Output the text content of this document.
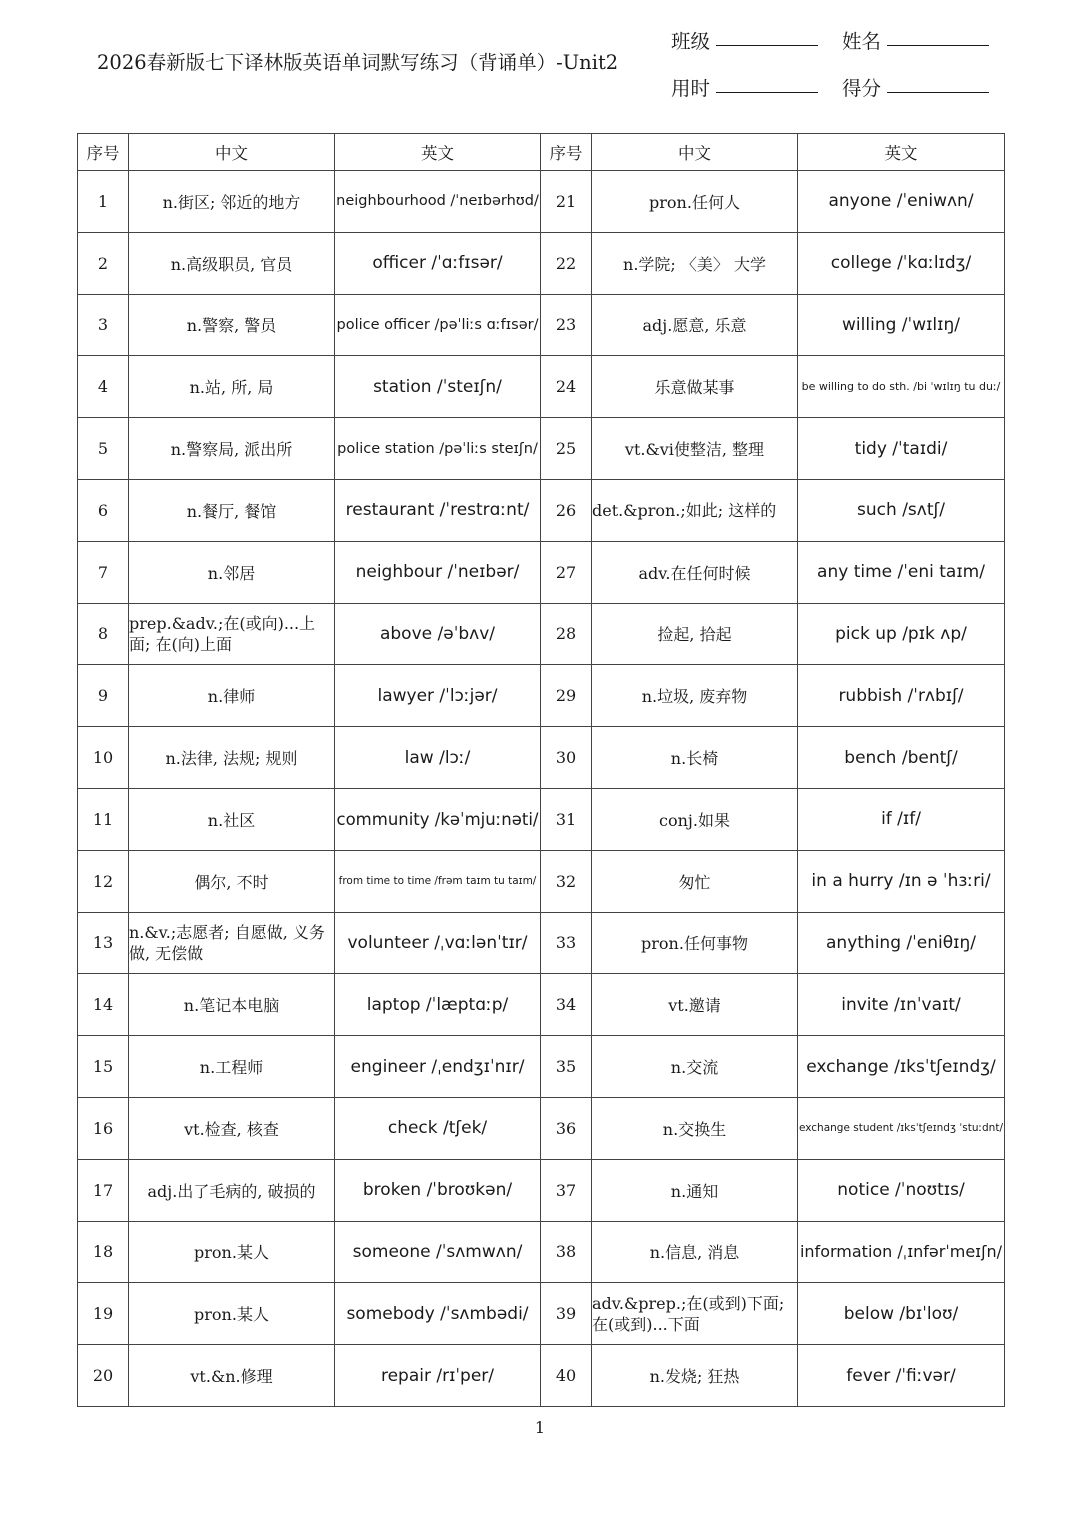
2026春新版七下译林版英语单词默写练习（背诵单）-Unit2
班级	姓名
用时	得分
序号	中文	英文	序号	中文	英文
1	n.街区; 邻近的地方	neighbourhood /ˈneɪbərhʊd/	21	pron.任何人	anyone /ˈeniwʌn/
2	n.高级职员, 官员	officer /ˈɑːfɪsər/	22	n.学院; 〈美〉 大学	college /ˈkɑːlɪdʒ/
3	n.警察, 警员	police officer /pəˈliːs ɑːfɪsər/	23	adj.愿意, 乐意	willing /ˈwɪlɪŋ/
4	n.站, 所, 局	station /ˈsteɪʃn/	24	乐意做某事	be willing to do sth. /bi ˈwɪlɪŋ tu duː/
5	n.警察局, 派出所	police station /pəˈliːs steɪʃn/	25	vt.&vi使整洁, 整理	tidy /ˈtaɪdi/
6	n.餐厅, 餐馆	restaurant /ˈrestrɑːnt/	26	det.&pron.;如此; 这样的	such /sʌtʃ/
7	n.邻居	neighbour /ˈneɪbər/	27	adv.在任何时候	any time /ˈeni taɪm/
8	prep.&adv.;在(或向)...上面; 在(向)上面	above /əˈbʌv/	28	捡起, 拾起	pick up /pɪk ʌp/
9	n.律师	lawyer /ˈlɔːjər/	29	n.垃圾, 废弃物	rubbish /ˈrʌbɪʃ/
10	n.法律, 法规; 规则	law /lɔː/	30	n.长椅	bench /bentʃ/
11	n.社区	community /kəˈmjuːnəti/	31	conj.如果	if /ɪf/
12	偶尔, 不时	from time to time /frəm taɪm tu taɪm/	32	匆忙	in a hurry /ɪn ə ˈhɜːri/
13	n.&v.;志愿者; 自愿做, 义务做, 无偿做	volunteer /ˌvɑːlənˈtɪr/	33	pron.任何事物	anything /ˈeniθɪŋ/
14	n.笔记本电脑	laptop /ˈlæptɑːp/	34	vt.邀请	invite /ɪnˈvaɪt/
15	n.工程师	engineer /ˌendʒɪˈnɪr/	35	n.交流	exchange /ɪksˈtʃeɪndʒ/
16	vt.检查, 核查	check /tʃek/	36	n.交换生	exchange student /ɪksˈtʃeɪndʒ ˈstuːdnt/
17	adj.出了毛病的, 破损的	broken /ˈbroʊkən/	37	n.通知	notice /ˈnoʊtɪs/
18	pron.某人	someone /ˈsʌmwʌn/	38	n.信息, 消息	information /ˌɪnfərˈmeɪʃn/
19	pron.某人	somebody /ˈsʌmbədi/	39	adv.&prep.;在(或到)下面; 在(或到)...下面	below /bɪˈloʊ/
20	vt.&n.修理	repair /rɪˈper/	40	n.发烧; 狂热	fever /ˈfiːvər/
1
